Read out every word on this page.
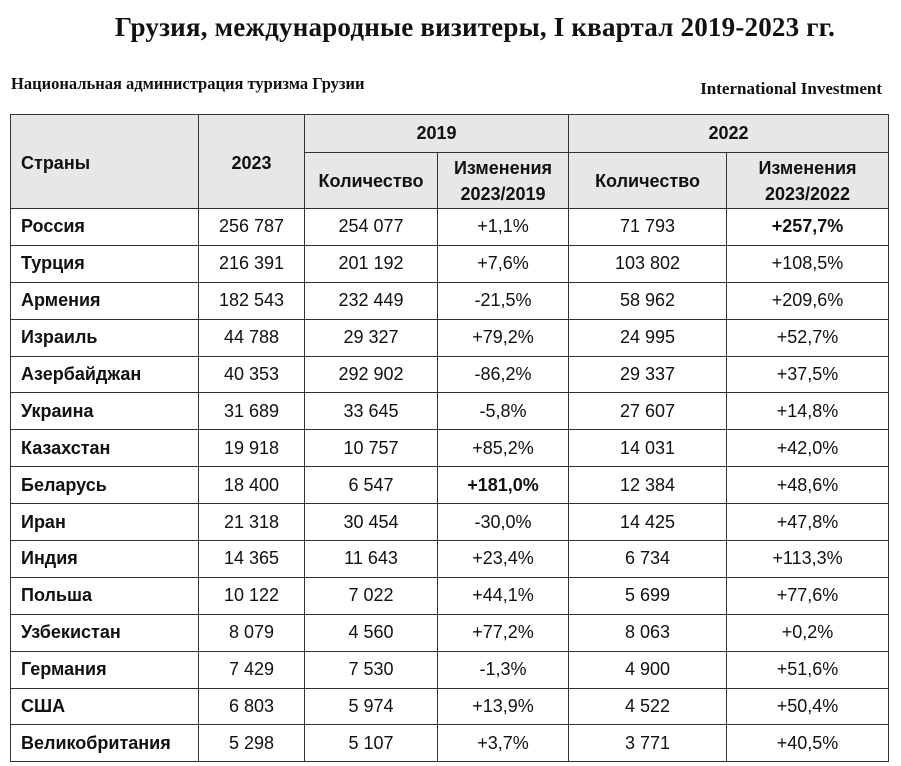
Грузия, международные визитеры, I квартал 2019-2023 гг.
Национальная администрация туризма Грузии	International Investment
Страны	2023	2019		2022	
		Количество	Изменения 2023/2019	Количество	Изменения 2023/2022
Россия	256 787	254 077	+1,1%	71 793	+257,7%
Турция	216 391	201 192	+7,6%	103 802	+108,5%
Армения	182 543	232 449	-21,5%	58 962	+209,6%
Израиль	44 788	29 327	+79,2%	24 995	+52,7%
Азербайджан	40 353	292 902	-86,2%	29 337	+37,5%
Украина	31 689	33 645	-5,8%	27 607	+14,8%
Казахстан	19 918	10 757	+85,2%	14 031	+42,0%
Беларусь	18 400	6 547	+181,0%	12 384	+48,6%
Иран	21 318	30 454	-30,0%	14 425	+47,8%
Индия	14 365	11 643	+23,4%	6 734	+113,3%
Польша	10 122	7 022	+44,1%	5 699	+77,6%
Узбекистан	8 079	4 560	+77,2%	8 063	+0,2%
Германия	7 429	7 530	-1,3%	4 900	+51,6%
США	6 803	5 974	+13,9%	4 522	+50,4%
Великобритания	5 298	5 107	+3,7%	3 771	+40,5%
